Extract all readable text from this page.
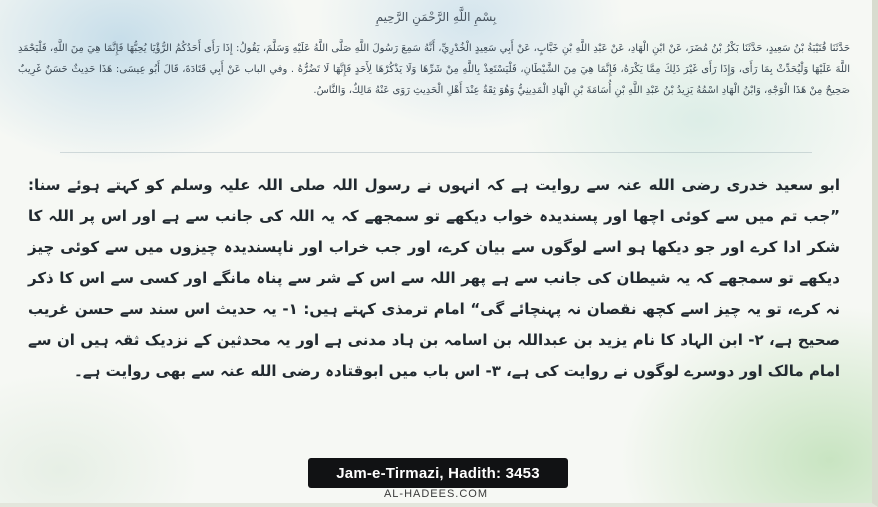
بِسْمِ اللَّهِ الرَّحْمَنِ الرَّحِيمِ
حَدَّثَنَا قُتَيْبَةُ بْنُ سَعِيدٍ، حَدَّثَنَا بَكْرُ بْنُ مُضَرَ، عَنْ ابْنِ الْهَادِ، عَنْ عَبْدِ اللَّهِ بْنِ خَبَّابٍ، عَنْ أَبِي سَعِيدٍ الْخُدْرِيِّ، أَنَّهُ سَمِعَ رَسُولَ اللَّهِ صَلَّى اللَّهُ عَلَيْهِ وَسَلَّمَ، يَقُولُ: إِذَا رَأَى أَحَدُكُمُ الرُّؤْيَا يُحِبُّهَا فَإِنَّمَا هِيَ مِنَ اللَّهِ، فَلْيَحْمَدِ اللَّهَ عَلَيْهَا وَلْيُحَدِّثْ بِمَا رَأَى، وَإِذَا رَأَى غَيْرَ ذَلِكَ مِمَّا يَكْرَهُ، فَإِنَّمَا هِيَ مِنَ الشَّيْطَانِ، فَلْيَسْتَعِذْ بِاللَّهِ مِنْ شَرِّهَا وَلَا يَذْكُرْهَا لِأَحَدٍ فَإِنَّهَا لَا تَضُرُّهُ . وفي الباب عَنْ أَبِي قَتَادَةَ، قَالَ أَبُو عِيسَى: هَذَا حَدِيثٌ حَسَنٌ غَرِيبٌ صَحِيحٌ مِنْ هَذَا الْوَجْهِ، وَابْنُ الْهَادِ اسْمُهُ يَزِيدُ بْنُ عَبْدِ اللَّهِ بْنِ أُسَامَةَ بْنِ الْهَادِ الْمَدِينِيُّ وَهُوَ ثِقَةٌ عِنْدَ أَهْلِ الْحَدِيثِ رَوَى عَنْهُ مَالِكٌ، وَالنَّاسُ.
ابو سعید خدری رضی الله عنہ سے روایت ہے کہ انہوں نے رسول اللہ صلی اللہ علیہ وسلم کو کہتے ہوئے سنا: ”جب تم میں سے کوئی اچھا اور پسندیدہ خواب دیکھے تو سمجھے کہ یہ اللہ کی جانب سے ہے اور اس پر اللہ کا شکر ادا کرے اور جو دیکھا ہو اسے لوگوں سے بیان کرے، اور جب خراب اور ناپسندیدہ چیزوں میں سے کوئی چیز دیکھے تو سمجھے کہ یہ شیطان کی جانب سے ہے پھر اللہ سے اس کے شر سے پناہ مانگے اور کسی سے اس کا ذکر نہ کرے، تو یہ چیز اسے کچھ نقصان نہ پہنچائے گی“ امام ترمذی کہتے ہیں: ۱- یہ حدیث اس سند سے حسن غریب صحیح ہے، ۲- ابن الہاد کا نام یزید بن عبداللہ بن اسامہ بن ہاد مدنی ہے اور یہ محدثین کے نزدیک ثقہ ہیں ان سے امام مالک اور دوسرے لوگوں نے روایت کی ہے، ۳- اس باب میں ابوقتادہ رضی الله عنہ سے بھی روایت ہے۔
Jam-e-Tirmazi, Hadith: 3453
AL-HADEES.COM
